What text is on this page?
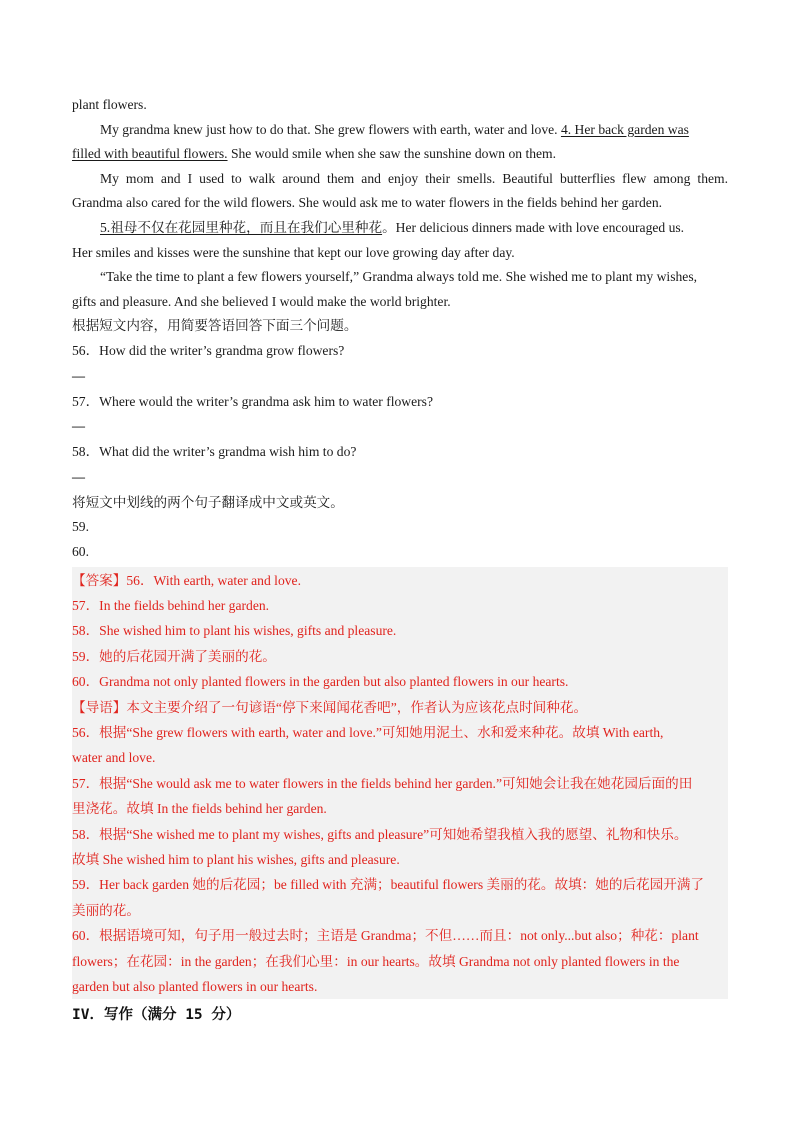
plant flowers.
My grandma knew just how to do that. She grew flowers with earth, water and love. 4. Her back garden was
filled with beautiful flowers. She would smile when she saw the sunshine down on them.
My mom and I used to walk around them and enjoy their smells. Beautiful butterflies flew among them.
Grandma also cared for the wild flowers. She would ask me to water flowers in the fields behind her garden.
5.祖母不仅在花园里种花，而且在我们心里种花。Her delicious dinners made with love encouraged us.
Her smiles and kisses were the sunshine that kept our love growing day after day.
“Take the time to plant a few flowers yourself,” Grandma always told me. She wished me to plant my wishes,
gifts and pleasure. And she believed I would make the world brighter.
根据短文内容，用简要答语回答下面三个问题。
56．How did the writer’s grandma grow flowers?
—
57．Where would the writer’s grandma ask him to water flowers?
—
58．What did the writer’s grandma wish him to do?
—
将短文中划线的两个句子翻译成中文或英文。
59.
60.
【答案】56．With earth, water and love.
57．In the fields behind her garden.
58．She wished him to plant his wishes, gifts and pleasure.
59．她的后花园开满了美丽的花。
60．Grandma not only planted flowers in the garden but also planted flowers in our hearts.
【导语】本文主要介绍了一句谚语“停下来闻闻花香吧”，作者认为应该花点时间种花。
56．根据“She grew flowers with earth, water and love.”可知她用泥土、水和爱来种花。故填 With earth,
water and love.
57．根据“She would ask me to water flowers in the fields behind her garden.”可知她会让我在她花园后面的田
里浇花。故填 In the fields behind her garden.
58．根据“She wished me to plant my wishes, gifts and pleasure”可知她希望我植入我的愿望、礼物和快乐。
故填 She wished him to plant his wishes, gifts and pleasure.
59．Her back garden 她的后花园；be filled with 充满；beautiful flowers 美丽的花。故填：她的后花园开满了
美丽的花。
60．根据语境可知，句子用一般过去时；主语是 Grandma；不但……而且：not only...but also；种花：plant
flowers；在花园：in the garden；在我们心里：in our hearts。故填 Grandma not only planted flowers in the
garden but also planted flowers in our hearts.
IV．写作（满分 15 分）
